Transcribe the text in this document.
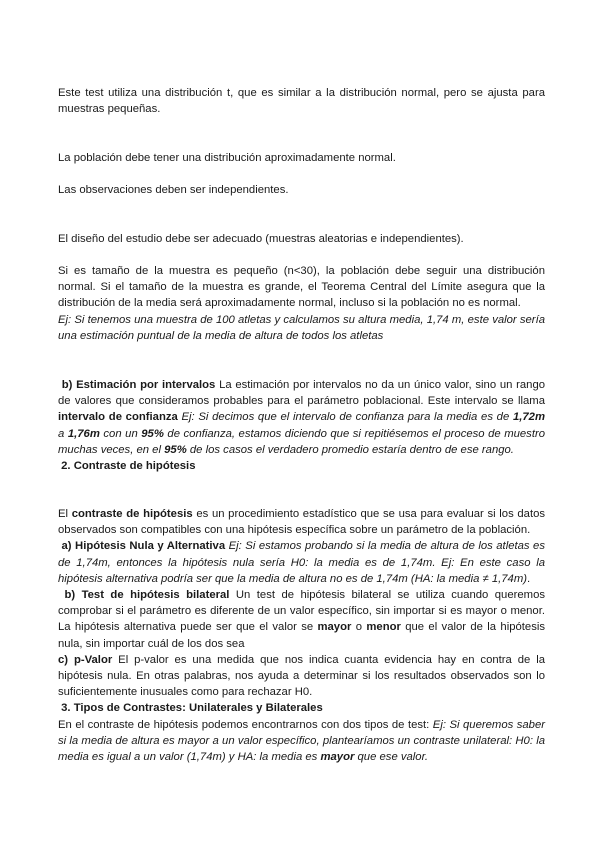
Este test utiliza una distribución t, que es similar a la distribución normal, pero se ajusta para muestras pequeñas.

La población debe tener una distribución aproximadamente normal.

Las observaciones deben ser independientes.

El diseño del estudio debe ser adecuado (muestras aleatorias e independientes).

Si es tamaño de la muestra es pequeño (n<30), la población debe seguir una distribución normal. Si el tamaño de la muestra es grande, el Teorema Central del Límite asegura que la distribución de la media será aproximadamente normal, incluso si la población no es normal.
Ej: Si tenemos una muestra de 100 atletas y calculamos su altura media, 1,74 m, este valor sería una estimación puntual de la media de altura de todos los atletas
b) Estimación por intervalos La estimación por intervalos no da un único valor, sino un rango de valores que consideramos probables para el parámetro poblacional. Este intervalo se llama intervalo de confianza Ej: Si decimos que el intervalo de confianza para la media es de 1,72m a 1,76m con un 95% de confianza, estamos diciendo que si repitiésemos el proceso de muestro muchas veces, en el 95% de los casos el verdadero promedio estaría dentro de ese rango.
2. Contraste de hipótesis
El contraste de hipótesis es un procedimiento estadístico que se usa para evaluar si los datos observados son compatibles con una hipótesis específica sobre un parámetro de la población.
a) Hipótesis Nula y Alternativa Ej: Si estamos probando si la media de altura de los atletas es de 1,74m, entonces la hipótesis nula sería H0: la media es de 1,74m. Ej: En este caso la hipótesis alternativa podría ser que la media de altura no es de 1,74m (HA: la media ≠ 1,74m).
b) Test de hipótesis bilateral Un test de hipótesis bilateral se utiliza cuando queremos comprobar si el parámetro es diferente de un valor específico, sin importar si es mayor o menor. La hipótesis alternativa puede ser que el valor se mayor o menor que el valor de la hipótesis nula, sin importar cuál de los dos sea
c) p-Valor El p-valor es una medida que nos indica cuanta evidencia hay en contra de la hipótesis nula. En otras palabras, nos ayuda a determinar si los resultados observados son lo suficientemente inusuales como para rechazar H0.
3. Tipos de Contrastes: Unilaterales y Bilaterales
En el contraste de hipótesis podemos encontrarnos con dos tipos de test: Ej: Si queremos saber si la media de altura es mayor a un valor específico, plantearíamos un contraste unilateral: H0: la media es igual a un valor (1,74m) y HA: la media es mayor que ese valor.
